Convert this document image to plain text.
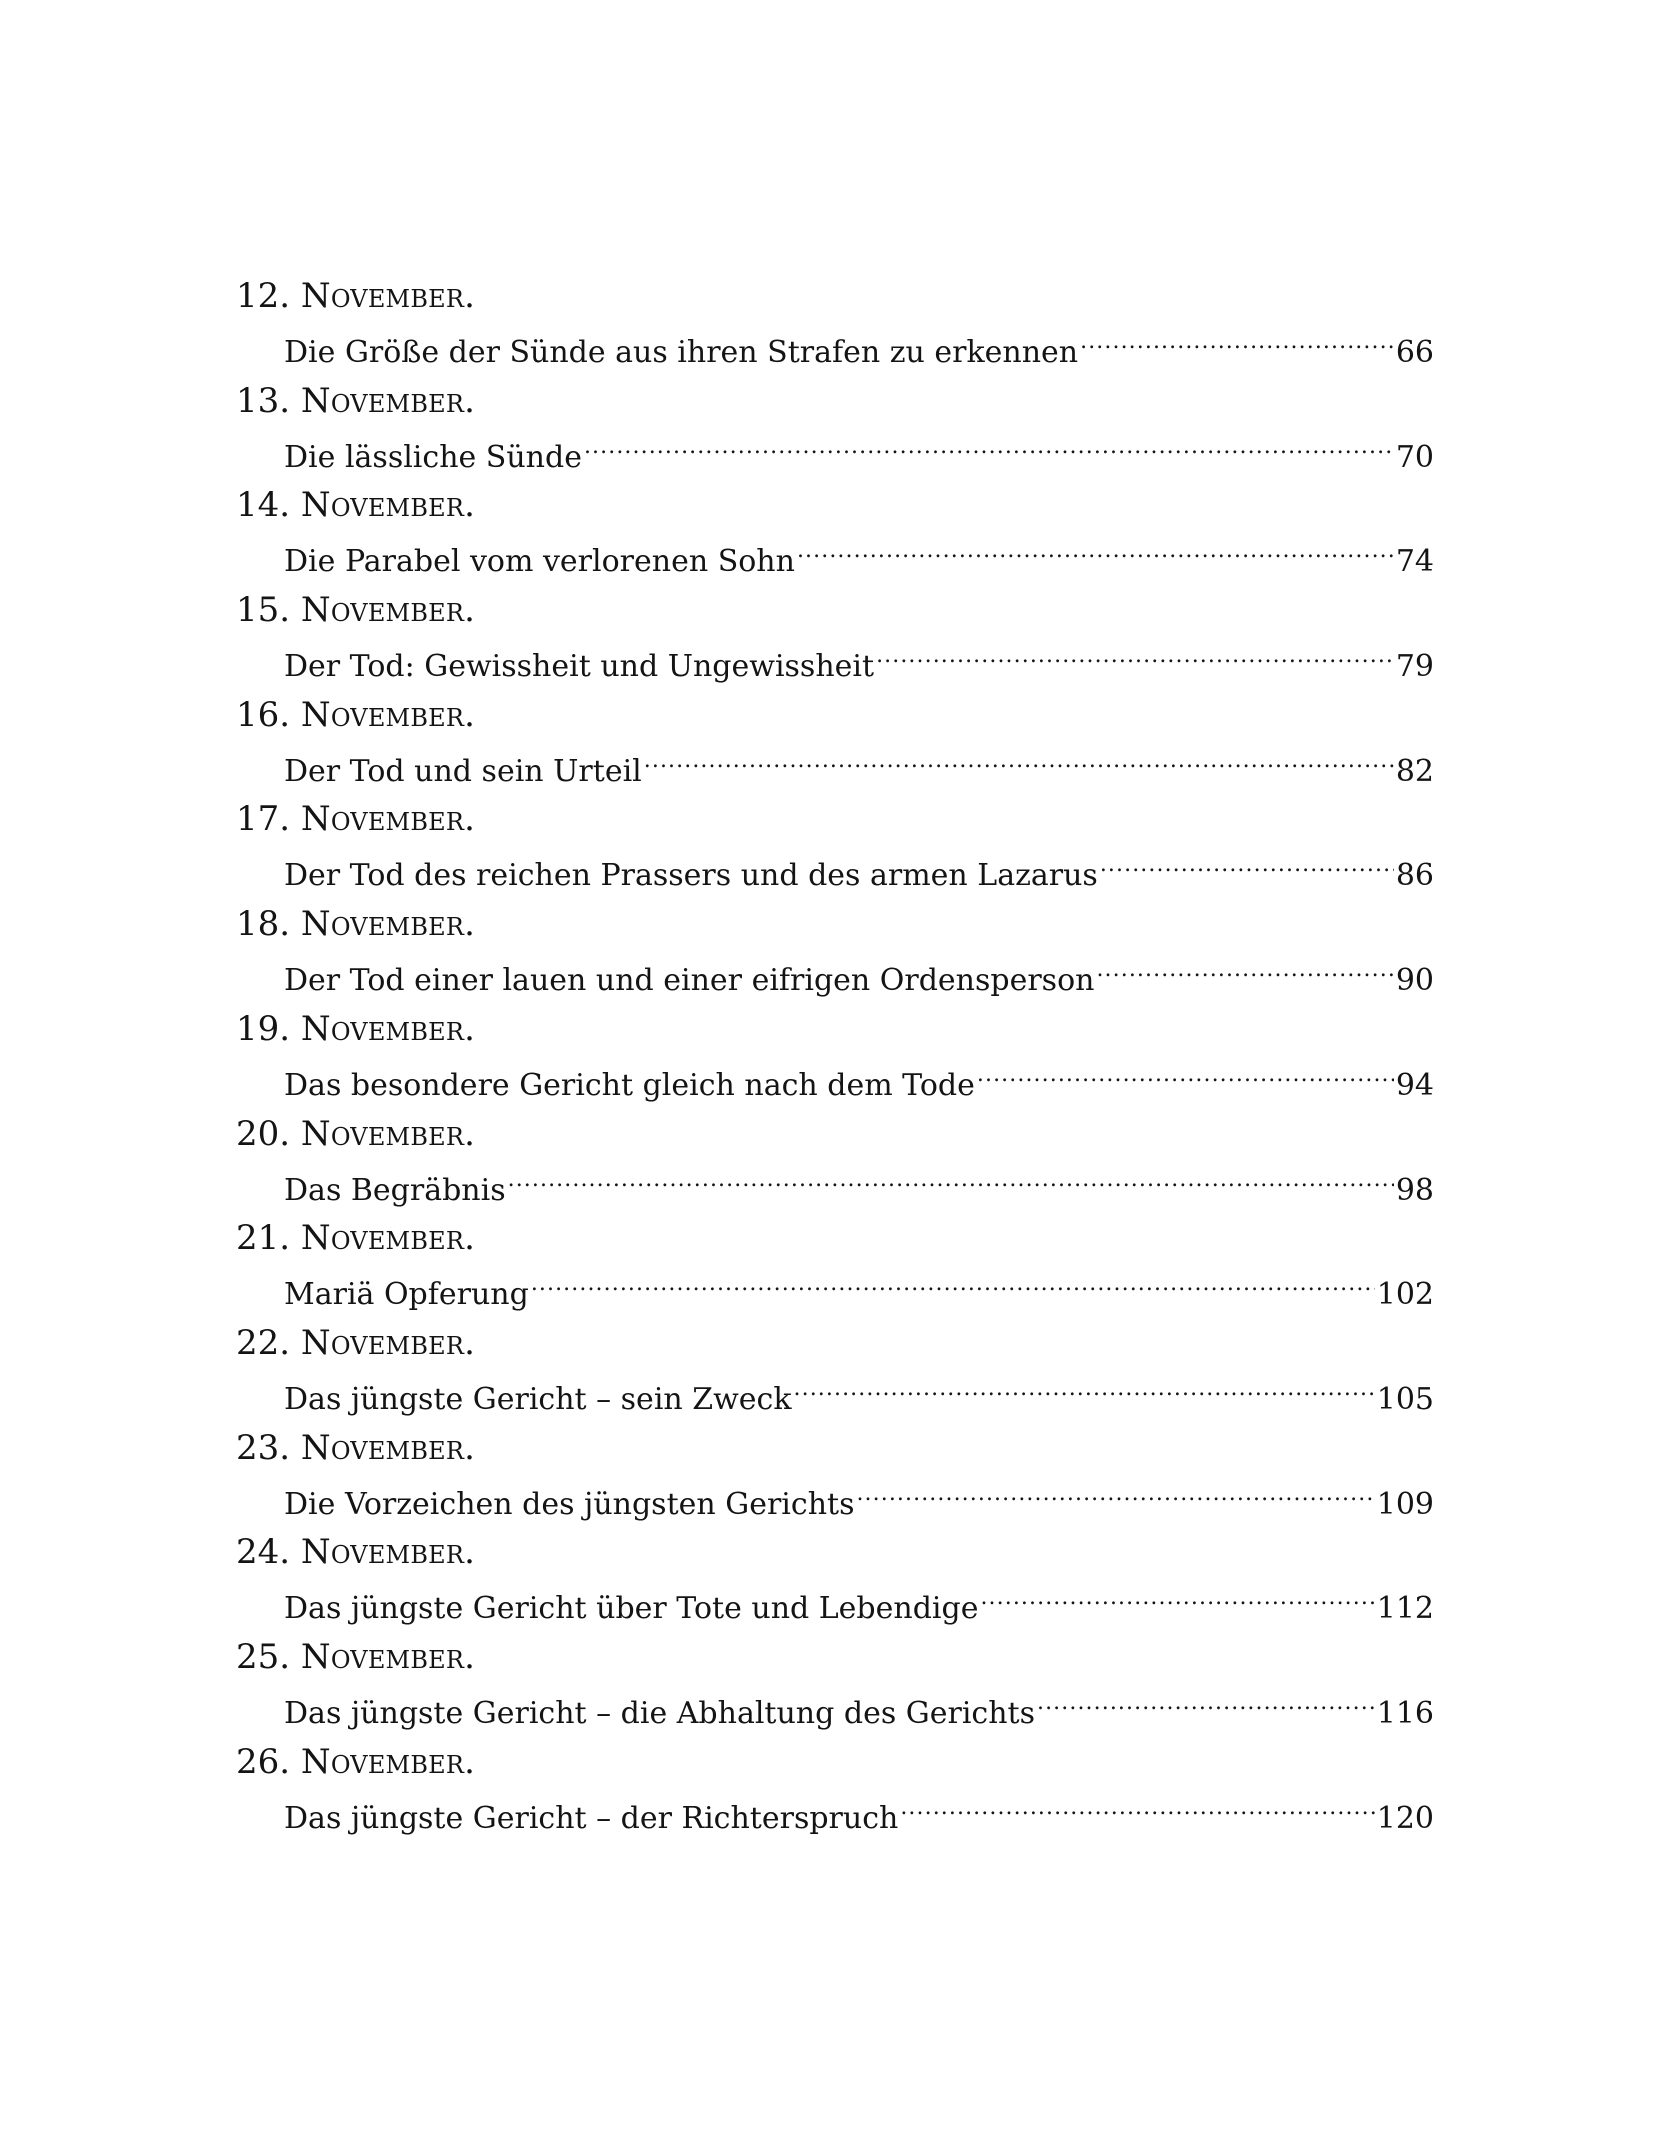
12. November.
Die Größe der Sünde aus ihren Strafen zu erkennen .....	66
13. November.
Die lässliche Sünde .....	70
14. November.
Die Parabel vom verlorenen Sohn .....	74
15. November.
Der Tod: Gewissheit und Ungewissheit .....	79
16. November.
Der Tod und sein Urteil .....	82
17. November.
Der Tod des reichen Prassers und des armen Lazarus .....	86
18. November.
Der Tod einer lauen und einer eifrigen Ordensperson .....	90
19. November.
Das besondere Gericht gleich nach dem Tode .....	94
20. November.
Das Begräbnis .....	98
21. November.
Mariä Opferung .....	102
22. November.
Das jüngste Gericht – sein Zweck .....	105
23. November.
Die Vorzeichen des jüngsten Gerichts .....	109
24. November.
Das jüngste Gericht über Tote und Lebendige .....	112
25. November.
Das jüngste Gericht – die Abhaltung des Gerichts .....	116
26. November.
Das jüngste Gericht – der Richterspruch .....	120
